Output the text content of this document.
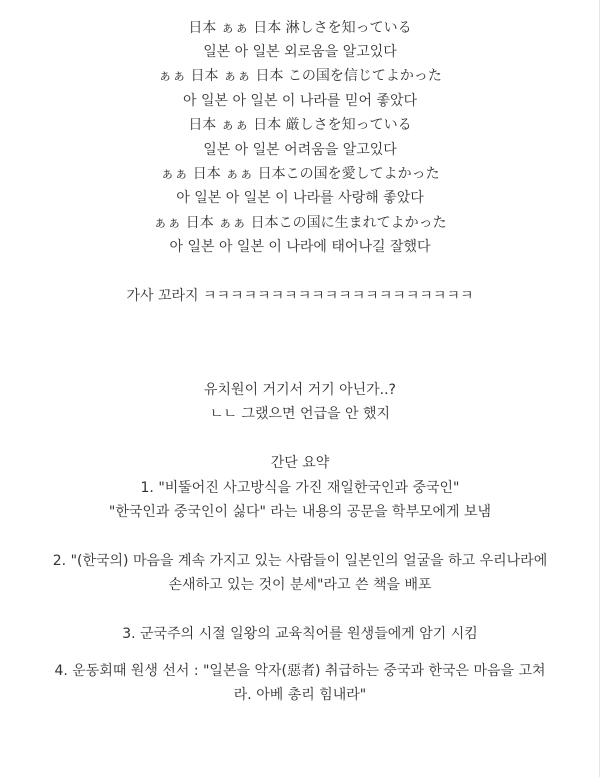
日本 ぁぁ 日本 淋しさを知っている
일본 아 일본 외로움을 알고있다
ぁぁ 日本 ぁぁ 日本 この国を信じてよかった
아 일본 아 일본 이 나라를 믿어 좋았다
日本 ぁぁ 日本 厳しさを知っている
일본 아 일본 어려움을 알고있다
ぁぁ 日本 ぁぁ 日本この国を愛してよかった
아 일본 아 일본 이 나라를 사랑해 좋았다
ぁぁ 日本 ぁぁ 日本この国に生まれてよかった
아 일본 아 일본 이 나라에 태어나길 잘했다
가사 꼬라지 ㅋㅋㅋㅋㅋㅋㅋㅋㅋㅋㅋㅋㅋㅋㅋㅋㅋㅋㅋㅋ
유치원이 거기서 거기 아닌가..?
ㄴㄴ 그랬으면 언급을 안 했지
간단 요약
1. "비뚤어진 사고방식을 가진 재일한국인과 중국인"
"한국인과 중국인이 싫다" 라는 내용의 공문을 학부모에게 보냄
2. "(한국의) 마음을 계속 가지고 있는 사람들이 일본인의 얼굴을 하고 우리나라에
손새하고 있는 것이 분세"라고 쓴 책을 배포
3. 군국주의 시절 일왕의 교육칙어를 원생들에게 암기 시킴
4. 운동회때 원생 선서 : "일본을 악자(惡者) 취급하는 중국과 한국은 마음을 고쳐
라. 아베 총리 힘내라"
